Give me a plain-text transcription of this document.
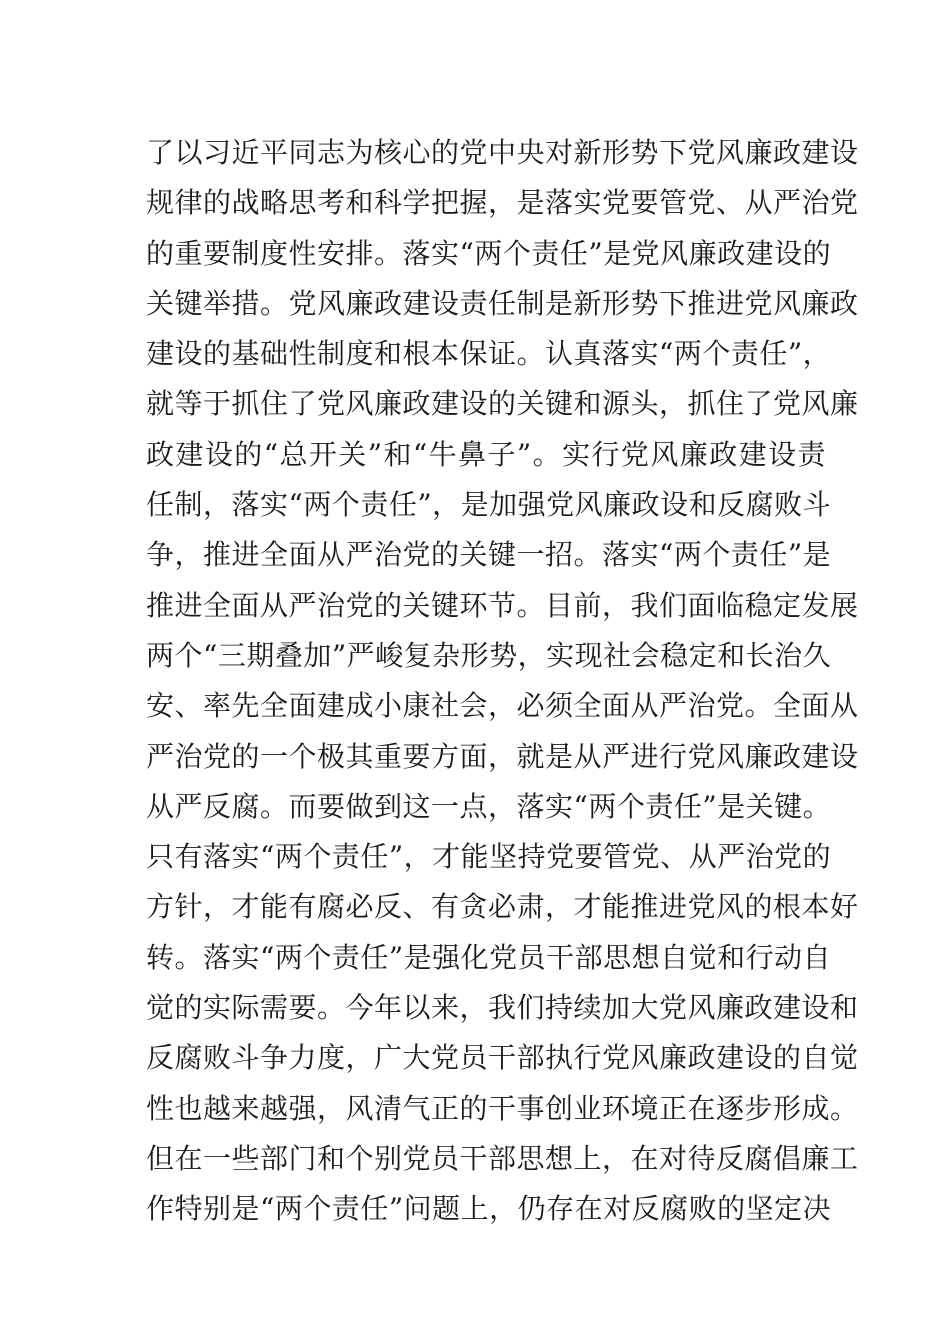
了以习近平同志为核心的党中央对新形势下党风廉政建设
规律的战略思考和科学把握，是落实党要管党、从严治党
的重要制度性安排。落实“两个责任”是党风廉政建设的
关键举措。党风廉政建设责任制是新形势下推进党风廉政
建设的基础性制度和根本保证。认真落实“两个责任”，
就等于抓住了党风廉政建设的关键和源头，抓住了党风廉
政建设的“总开关”和“牛鼻子”。实行党风廉政建设责
任制，落实“两个责任”，是加强党风廉政设和反腐败斗
争，推进全面从严治党的关键一招。落实“两个责任”是
推进全面从严治党的关键环节。目前，我们面临稳定发展
两个“三期叠加”严峻复杂形势，实现社会稳定和长治久
安、率先全面建成小康社会，必须全面从严治党。全面从
严治党的一个极其重要方面，就是从严进行党风廉政建设
从严反腐。而要做到这一点，落实“两个责任”是关键。
只有落实“两个责任”，才能坚持党要管党、从严治党的
方针，才能有腐必反、有贪必肃，才能推进党风的根本好
转。落实“两个责任”是强化党员干部思想自觉和行动自
觉的实际需要。今年以来，我们持续加大党风廉政建设和
反腐败斗争力度，广大党员干部执行党风廉政建设的自觉
性也越来越强，风清气正的干事创业环境正在逐步形成。
但在一些部门和个别党员干部思想上，在对待反腐倡廉工
作特别是“两个责任”问题上，仍存在对反腐败的坚定决
